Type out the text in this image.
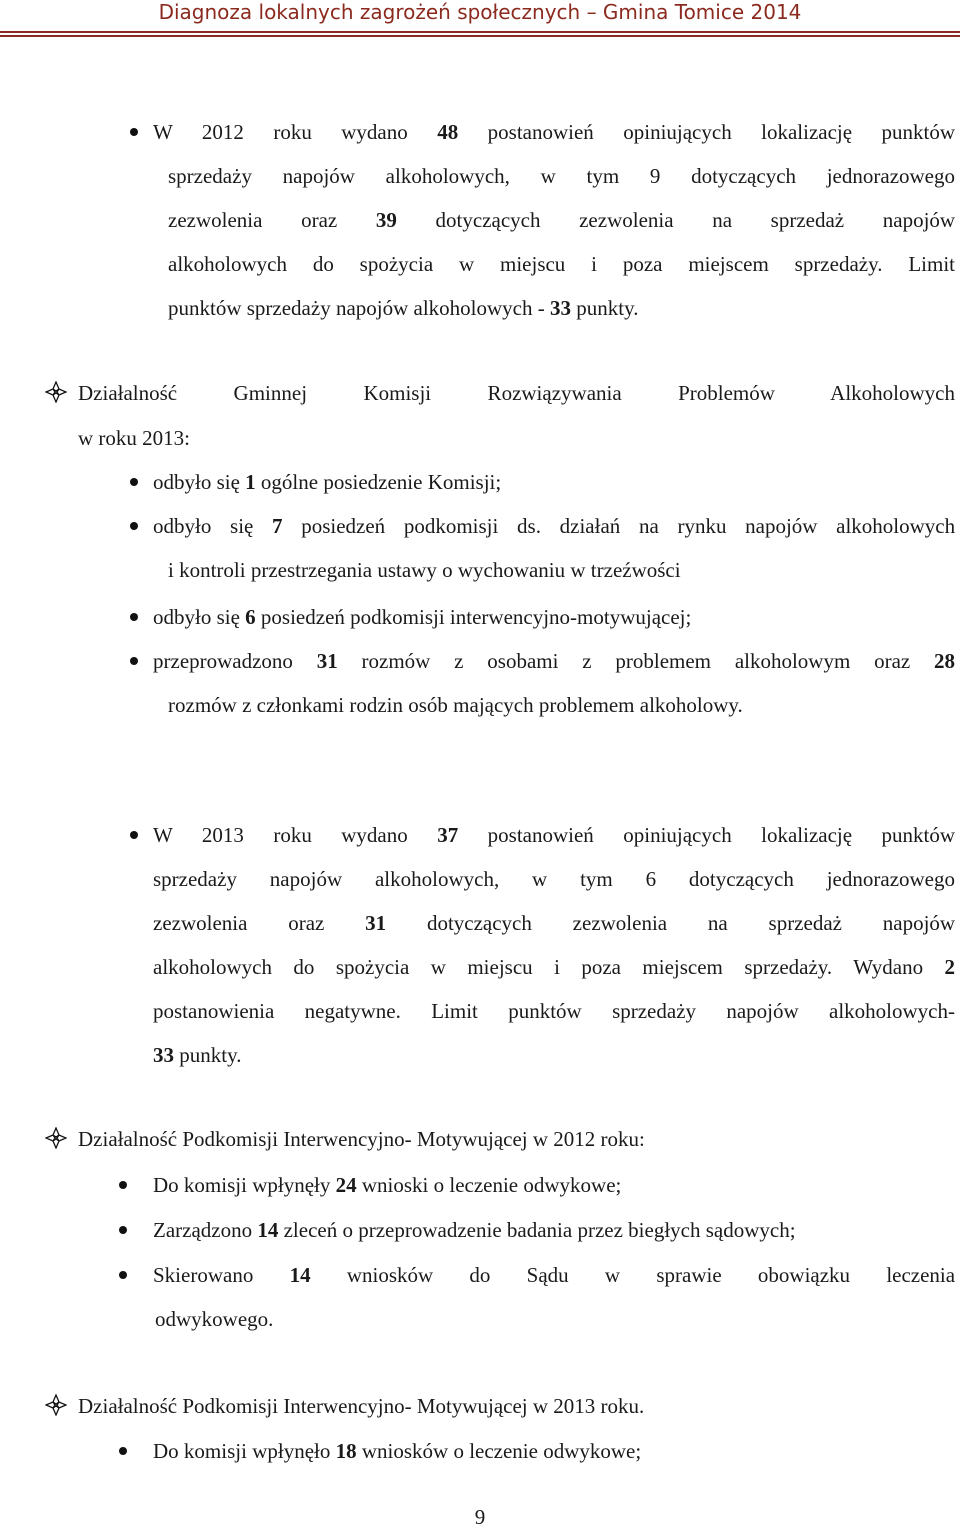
Diagnoza lokalnych zagrożeń społecznych – Gmina Tomice 2014
W 2012 roku wydano 48 postanowień opiniujących lokalizację punktów
sprzedaży napojów alkoholowych, w tym 9 dotyczących jednorazowego
zezwolenia oraz 39 dotyczących zezwolenia na sprzedaż napojów
alkoholowych do spożycia w miejscu i poza miejscem sprzedaży. Limit
punktów sprzedaży napojów alkoholowych - 33 punkty.
Działalność Gminnej Komisji Rozwiązywania Problemów Alkoholowych
w roku 2013:
odbyło się 1 ogólne posiedzenie Komisji;
odbyło się 7 posiedzeń podkomisji ds. działań na rynku napojów alkoholowych
i kontroli przestrzegania ustawy o wychowaniu w trzeźwości
odbyło się 6 posiedzeń podkomisji interwencyjno-motywującej;
przeprowadzono 31 rozmów z osobami z problemem alkoholowym oraz 28
rozmów z członkami rodzin osób mających problemem alkoholowy.
W 2013 roku wydano 37 postanowień opiniujących lokalizację punktów
sprzedaży napojów alkoholowych, w tym 6 dotyczących jednorazowego
zezwolenia oraz 31 dotyczących zezwolenia na sprzedaż napojów
alkoholowych do spożycia w miejscu i poza miejscem sprzedaży. Wydano 2
postanowienia negatywne. Limit punktów sprzedaży napojów alkoholowych-
33 punkty.
Działalność Podkomisji Interwencyjno- Motywującej w 2012 roku:
Do komisji wpłynęły 24 wnioski o leczenie odwykowe;
Zarządzono 14 zleceń o przeprowadzenie badania przez biegłych sądowych;
Skierowano 14 wniosków do Sądu w sprawie obowiązku leczenia
odwykowego.
Działalność Podkomisji Interwencyjno- Motywującej w 2013 roku.
Do komisji wpłynęło 18 wniosków o leczenie odwykowe;
9
